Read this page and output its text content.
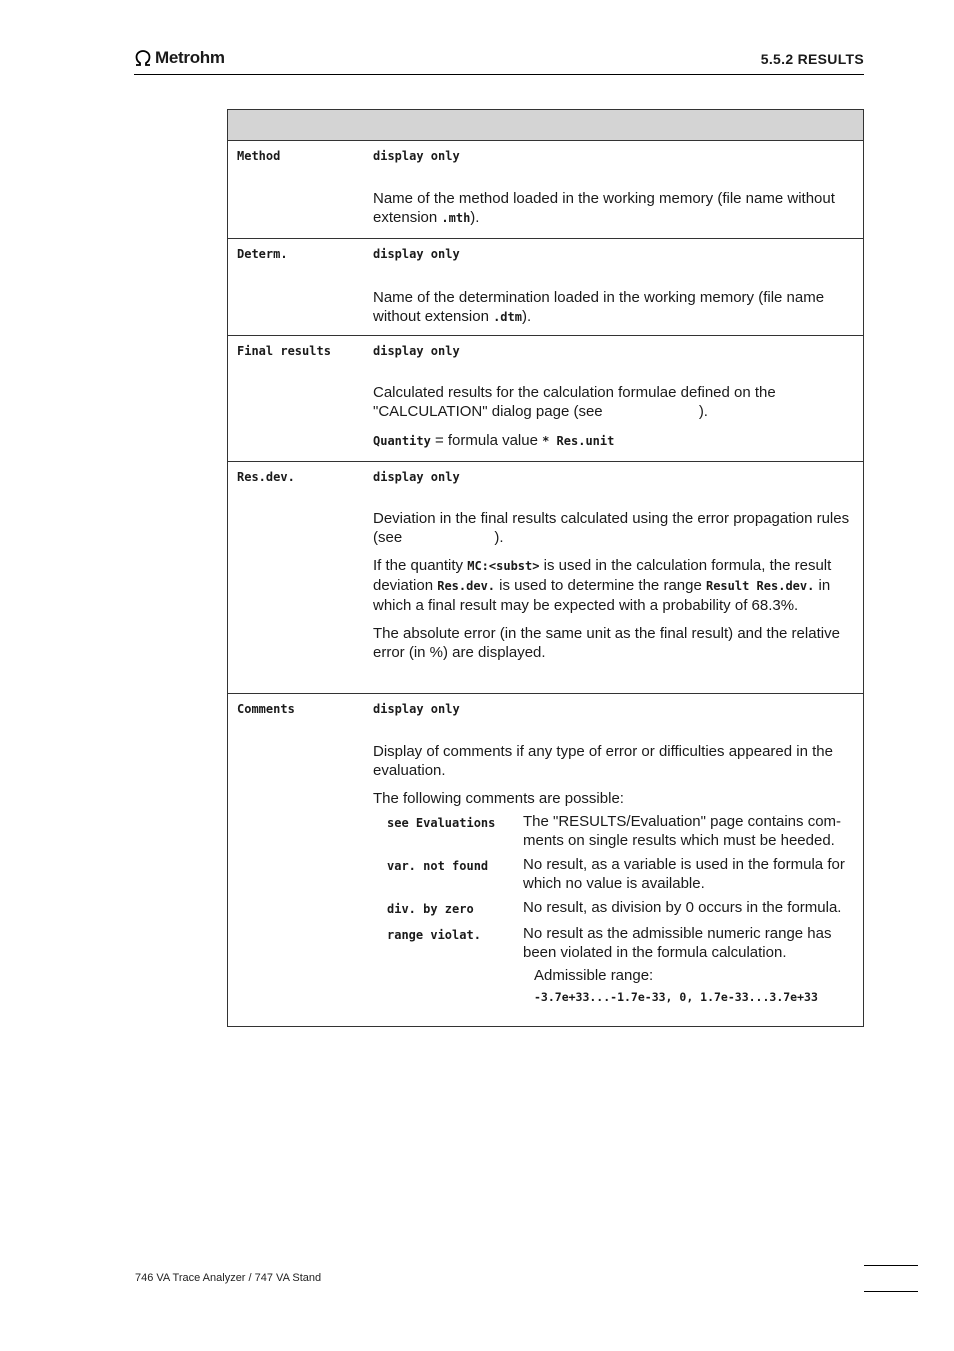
Metrohm	5.5.2 RESULTS
Method	display only

Name of the method loaded in the working memory (file name without extension .mth).

Determ.	display only

Name of the determination loaded in the working memory (file name without extension .dtm).

Final results	display only

Calculated results for the calculation formulae defined on the "CALCULATION" dialog page (see	).

Quantity = formula value * Res.unit

Res.dev.	display only

Deviation in the final results calculated using the error propagation rules (see	).

If the quantity MC:<subst> is used in the calculation formula, the result deviation Res.dev. is used to determine the range Result Res.dev. in which a final result may be expected with a probability of 68.3%.

The absolute error (in the same unit as the final result) and the relative error (in %) are displayed.

Comments	display only

Display of comments if any type of error or difficulties appeared in the evaluation.

The following comments are possible:

see Evaluations	The "RESULTS/Evaluation" page contains com-ments on single results which must be heeded.
var. not found	No result, as a variable is used in the formula for which no value is available.
div. by zero	No result, as division by 0 occurs in the formula.
range violat.	No result as the admissible numeric range has been violated in the formula calculation.
Admissible range:
-3.7e+33...-1.7e-33, 0, 1.7e-33...3.7e+33
746 VA Trace Analyzer / 747 VA Stand
